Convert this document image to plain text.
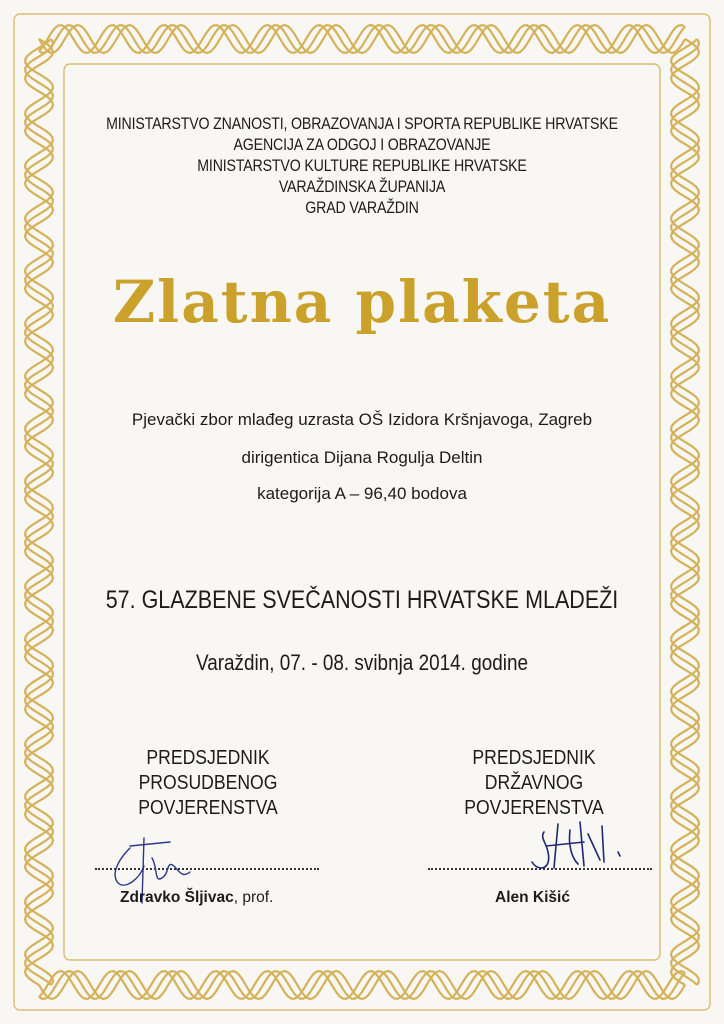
MINISTARSTVO ZNANOSTI, OBRAZOVANJA I SPORTA REPUBLIKE HRVATSKE
AGENCIJA ZA ODGOJ I OBRAZOVANJE
MINISTARSTVO KULTURE REPUBLIKE HRVATSKE
VARAŽDINSKA ŽUPANIJA
GRAD VARAŽDIN
Zlatna plaketa
Pjevački zbor mlađeg uzrasta OŠ Izidora Kršnjavoga, Zagreb
dirigentica Dijana Rogulja Deltin
kategorija A – 96,40 bodova
57. GLAZBENE SVEČANOSTI HRVATSKE MLADEŽI
Varaždin, 07. - 08. svibnja 2014. godine
PREDSJEDNIK
PROSUDBENOG
POVJERENSTVA
PREDSJEDNIK
DRŽAVNOG
POVJERENSTVA
Zdravko Šljivac, prof.	Alen Kišić
